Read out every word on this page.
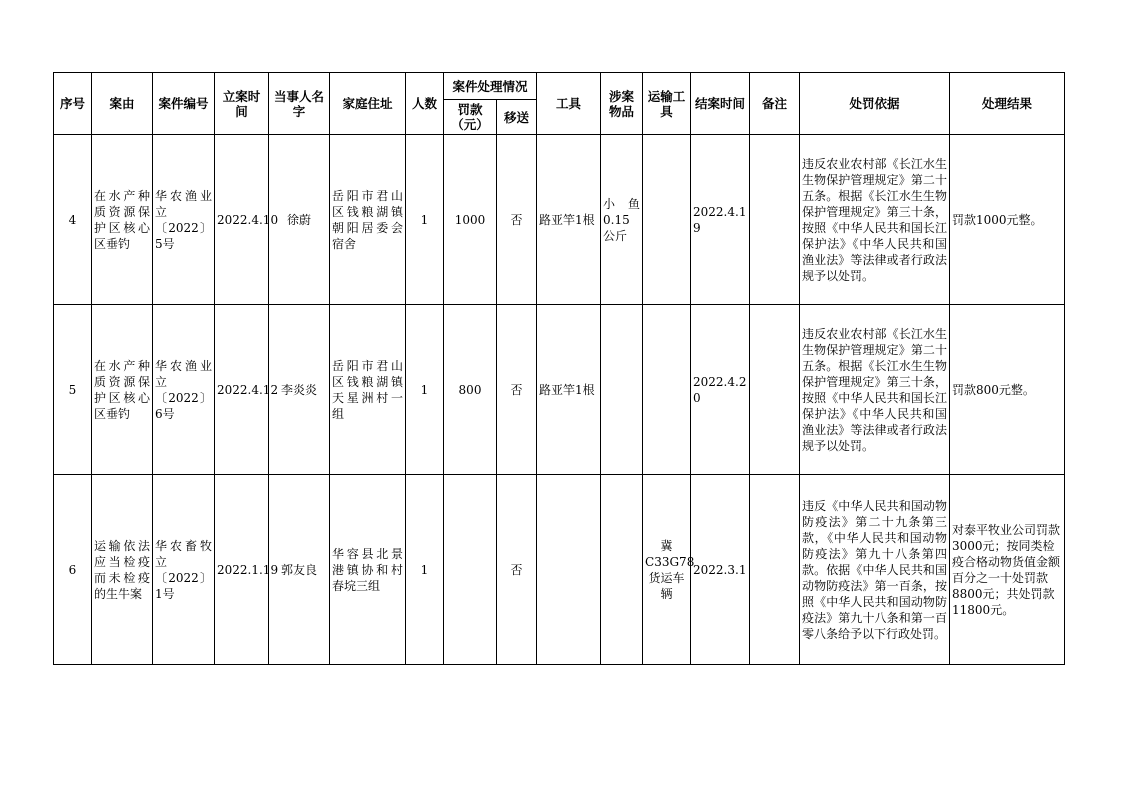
序号	案由	案件编号	立案时间	当事人名字	家庭住址	人数	案件处理情况		工具	涉案物品	运输工具	结案时间	备注	处罚依据	处理结果
							罚款（元）	移送							
4	在水产种质资源保护区核心区垂钓	华农渔业立〔2022〕5号	2022.4.10	徐蔚	岳阳市君山区钱粮湖镇朝阳居委会宿舍	1	1000	否	路亚竿1根	小鱼0.15公斤		2022.4.19		违反农业农村部《长江水生生物保护管理规定》第二十五条。根据《长江水生生物保护管理规定》第三十条，按照《中华人民共和国长江保护法》《中华人民共和国渔业法》等法律或者行政法规予以处罚。	罚款1000元整。
5	在水产种质资源保护区核心区垂钓	华农渔业立〔2022〕6号	2022.4.12	李炎炎	岳阳市君山区钱粮湖镇天星洲村一组	1	800	否	路亚竿1根			2022.4.20		违反农业农村部《长江水生生物保护管理规定》第二十五条。根据《长江水生生物保护管理规定》第三十条，按照《中华人民共和国长江保护法》《中华人民共和国渔业法》等法律或者行政法规予以处罚。	罚款800元整。
6	运输依法应当检疫而未检疫的生牛案	华农畜牧立〔2022〕1号	2022.1.19	郭友良	华容县北景港镇协和村春垸三组	1		否			冀C33G78货运车辆	2022.3.1		违反《中华人民共和国动物防疫法》第二十九条第三款，《中华人民共和国动物防疫法》第九十八条第四款。依据《中华人民共和国动物防疫法》第一百条，按照《中华人民共和国动物防疫法》第九十八条和第一百零八条给予以下行政处罚。	对泰平牧业公司罚款3000元；按同类检疫合格动物货值金额百分之一十处罚款8800元；共处罚款11800元。
